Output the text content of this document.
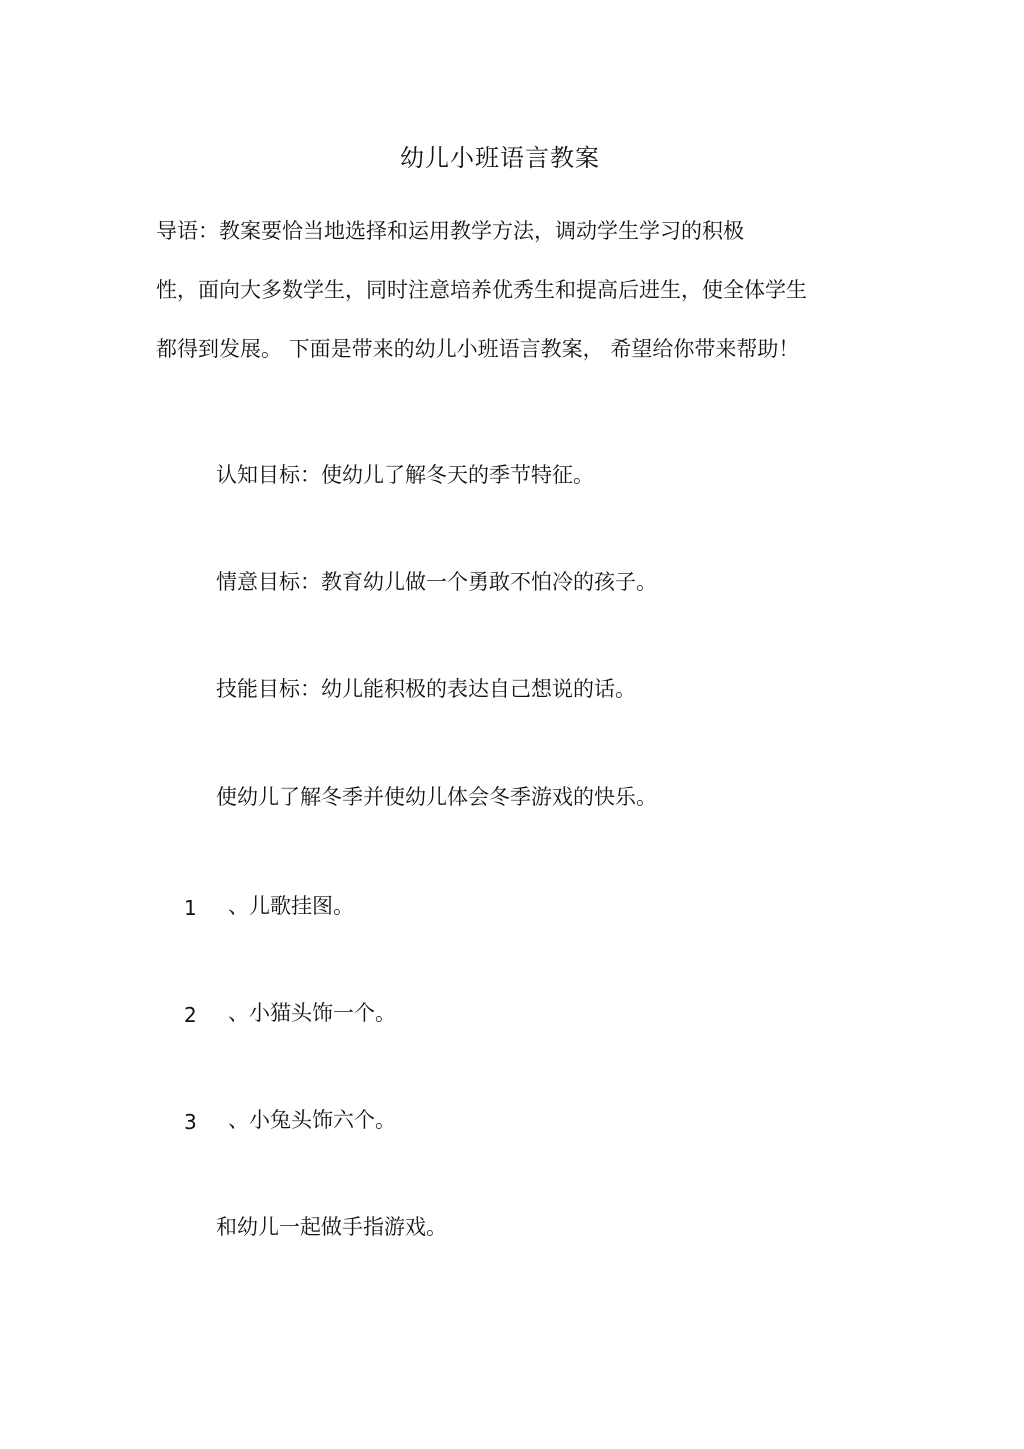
幼儿小班语言教案
导语：教案要恰当地选择和运用教学方法，调动学生学习的积极
性，面向大多数学生，同时注意培养优秀生和提高后进生，使全体学生
都得到发展。 下面是带来的幼儿小班语言教案， 希望给你带来帮助！
认知目标：使幼儿了解冬天的季节特征。
情意目标：教育幼儿做一个勇敢不怕冷的孩子。
技能目标：幼儿能积极的表达自己想说的话。
使幼儿了解冬季并使幼儿体会冬季游戏的快乐。
1 、儿歌挂图。
2 、小猫头饰一个。
3 、小兔头饰六个。
和幼儿一起做手指游戏。
